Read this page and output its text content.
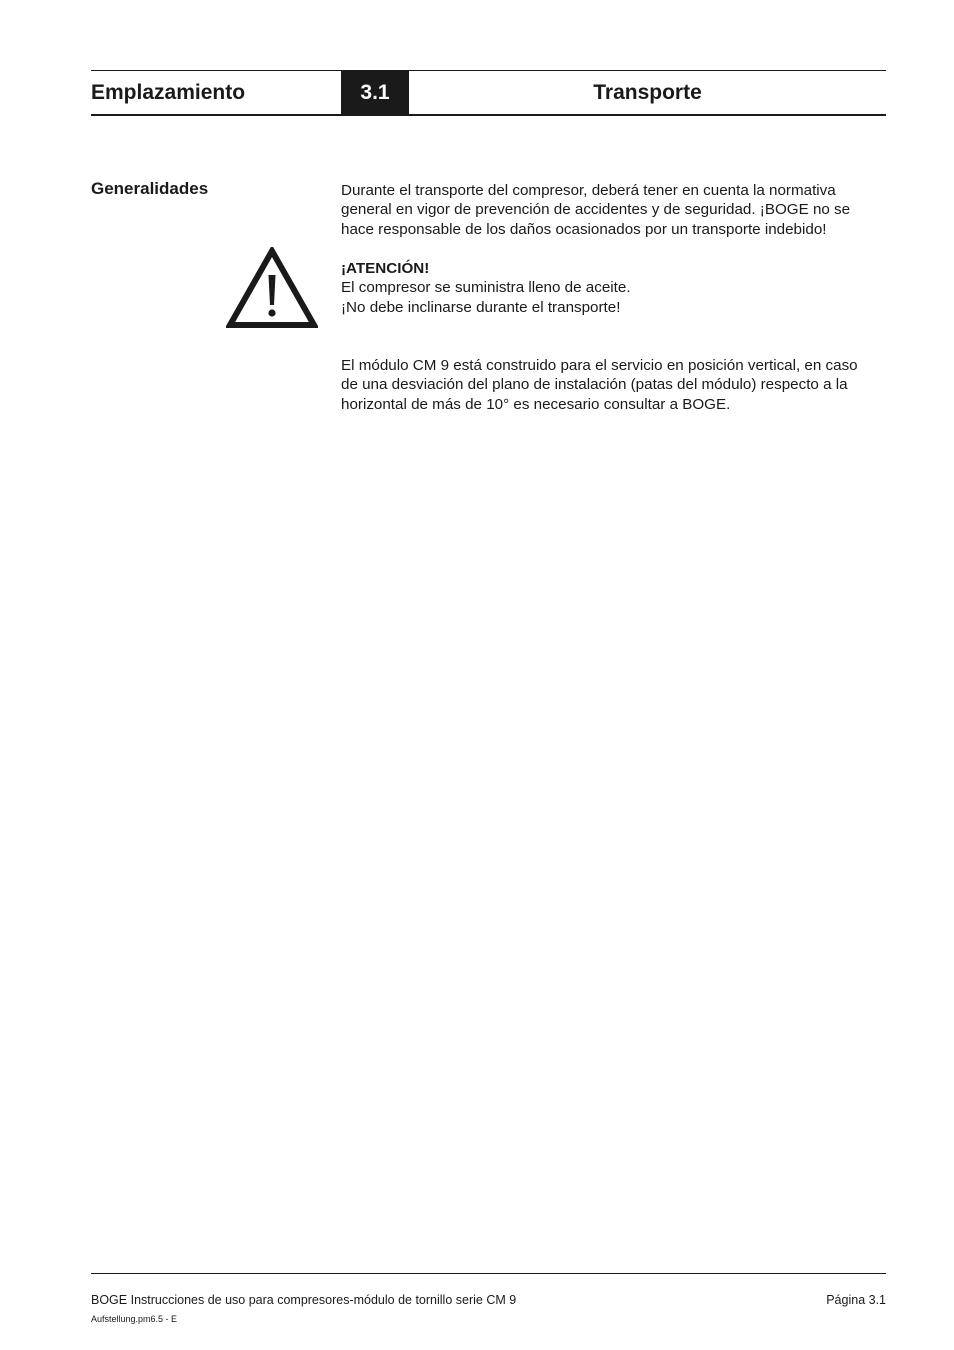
Emplazamiento	3.1	Transporte
Generalidades	Durante el transporte del compresor, deberá tener en cuenta la normativa
general en vigor de prevención de accidentes y de seguridad. ¡BOGE no se
hace responsable de los daños ocasionados por un transporte indebido!
¡ATENCIÓN!
El compresor se suministra lleno de aceite.
¡No debe inclinarse durante el transporte!
El módulo CM 9 está construido para el servicio en posición vertical, en caso
de una desviación del plano de instalación (patas del módulo) respecto a la
horizontal de más de 10° es necesario consultar a BOGE.
BOGE Instrucciones de uso para compresores-módulo de tornillo serie CM 9	Página 3.1
Aufstellung.pm6.5 - E
